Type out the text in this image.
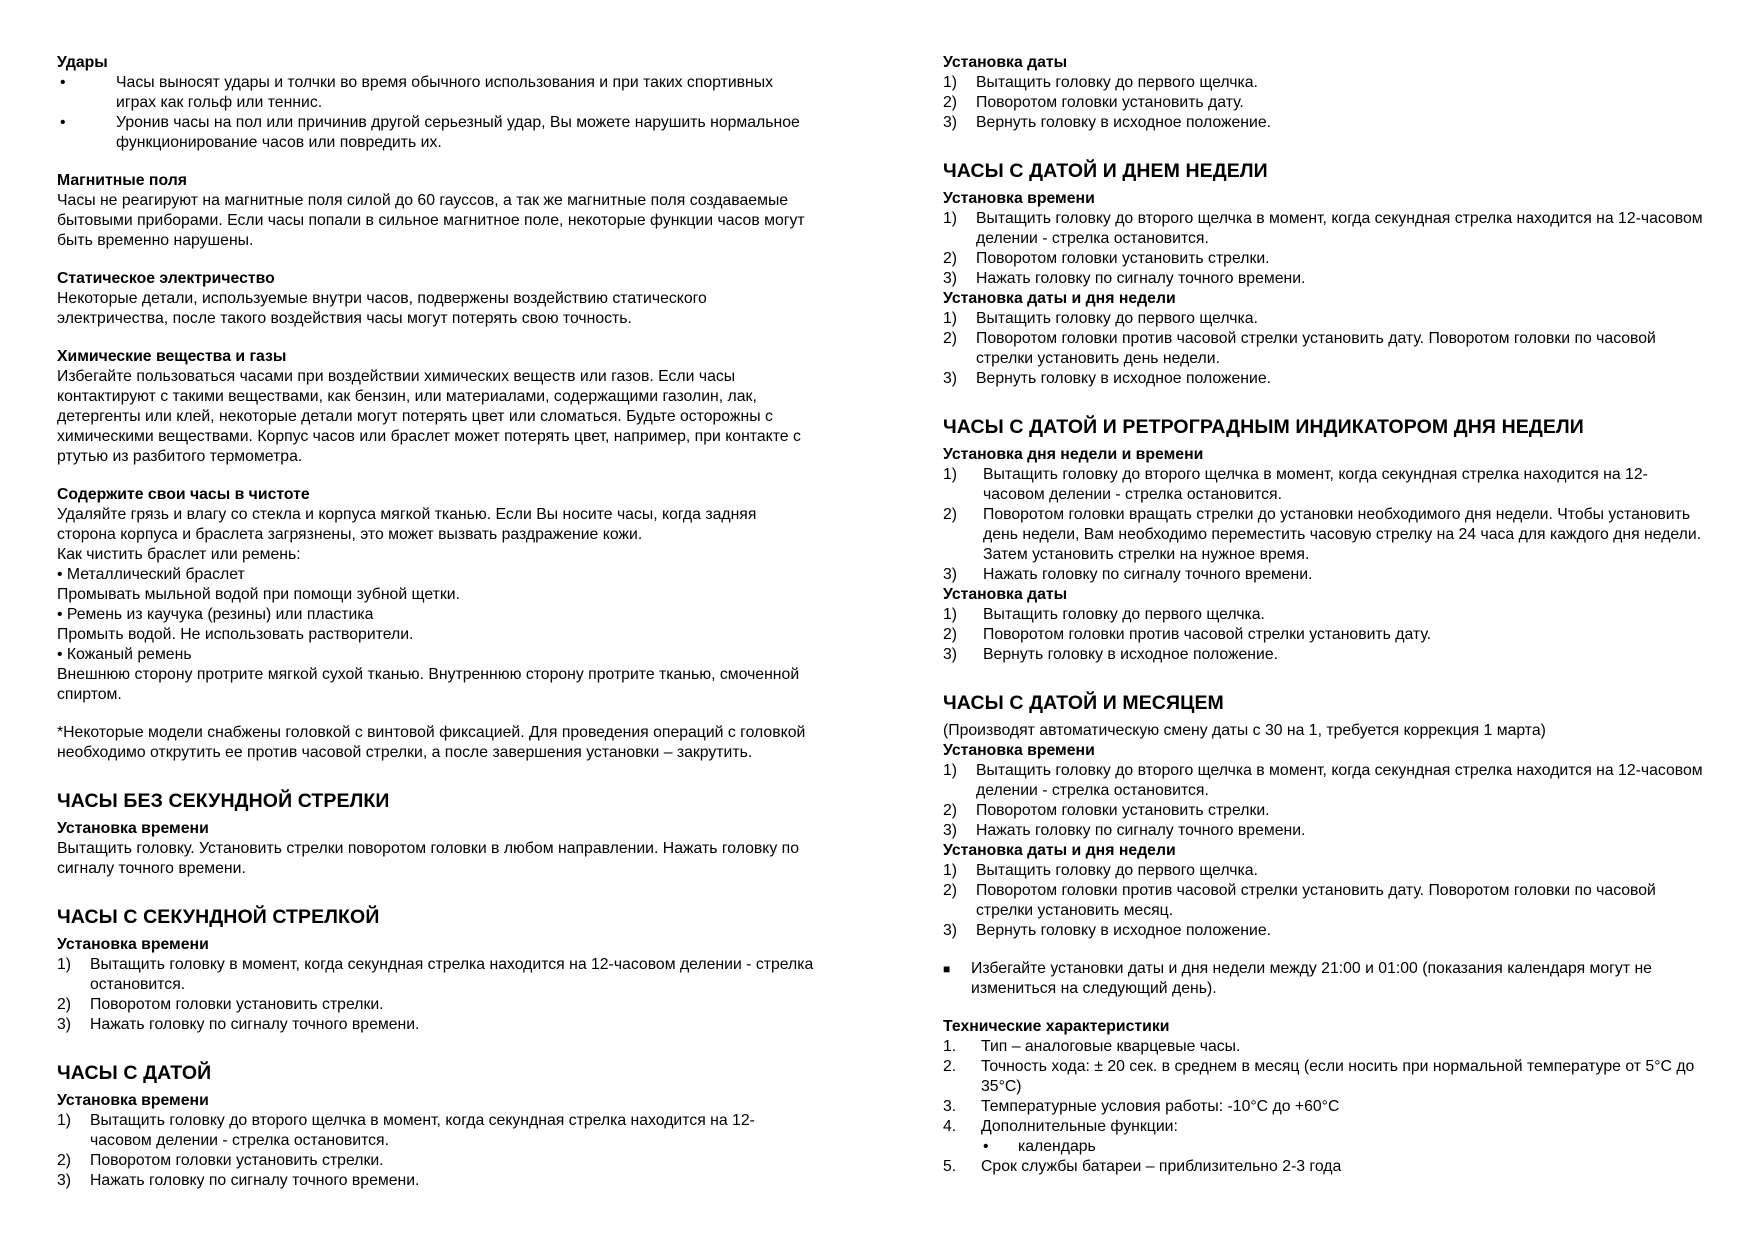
Удары
•	Часы выносят удары и толчки во время обычного использования и при таких спортивных играх как гольф или теннис.
•	Уронив часы на пол или причинив другой серьезный удар, Вы можете нарушить нормальное функционирование часов или повредить их.
Магнитные поля
Часы не реагируют на магнитные поля силой до 60 гауссов, а так же магнитные поля создаваемые бытовыми приборами. Если часы попали в сильное магнитное поле, некоторые функции часов могут быть временно нарушены.
Статическое электричество
Некоторые детали, используемые внутри часов, подвержены воздействию статического электричества, после такого воздействия часы могут потерять свою точность.
Химические вещества и газы
Избегайте пользоваться часами при воздействии химических веществ или газов. Если часы контактируют с такими веществами, как бензин, или материалами, содержащими газолин, лак, детергенты или клей, некоторые детали могут потерять цвет или сломаться. Будьте осторожны с химическими веществами. Корпус часов или браслет может потерять цвет, например, при контакте с ртутью из разбитого термометра.
Содержите свои часы в чистоте
Удаляйте грязь и влагу со стекла и корпуса мягкой тканью. Если Вы носите часы, когда задняя сторона корпуса и браслета загрязнены, это может вызвать раздражение кожи.
Как чистить браслет или ремень:
• Металлический браслет
Промывать мыльной водой при помощи зубной щетки.
• Ремень из каучука (резины) или пластика
Промыть водой. Не использовать растворители.
• Кожаный ремень
Внешнюю сторону протрите мягкой сухой тканью. Внутреннюю сторону протрите тканью, смоченной спиртом.
*Некоторые модели снабжены головкой с винтовой фиксацией. Для проведения операций с головкой необходимо открутить ее против часовой стрелки, а после завершения установки – закрутить.
ЧАСЫ БЕЗ СЕКУНДНОЙ СТРЕЛКИ
Установка времени
Вытащить головку. Установить стрелки поворотом головки в любом направлении. Нажать головку по сигналу точного времени.
ЧАСЫ С СЕКУНДНОЙ СТРЕЛКОЙ
Установка времени
1)	Вытащить головку в момент, когда секундная стрелка находится на 12-часовом делении - стрелка остановится.
2)	Поворотом головки установить стрелки.
3)	Нажать головку по сигналу точного времени.
ЧАСЫ С ДАТОЙ
Установка времени
1)	Вытащить головку до второго щелчка в момент, когда секундная стрелка находится на 12-часовом делении - стрелка остановится.
2)	Поворотом головки установить стрелки.
3)	Нажать головку по сигналу точного времени.
Установка даты
1)	Вытащить головку до первого щелчка.
2)	Поворотом головки установить дату.
3)	Вернуть головку в исходное положение.
ЧАСЫ С ДАТОЙ И ДНЕМ НЕДЕЛИ
Установка времени
1)	Вытащить головку до второго щелчка в момент, когда секундная стрелка находится на 12-часовом делении - стрелка остановится.
2)	Поворотом головки установить стрелки.
3)	Нажать головку по сигналу точного времени.
Установка даты и дня недели
1)	Вытащить головку до первого щелчка.
2)	Поворотом головки против часовой стрелки установить дату. Поворотом головки по часовой стрелки установить день недели.
3)	Вернуть головку в исходное положение.
ЧАСЫ С ДАТОЙ И РЕТРОГРАДНЫМ ИНДИКАТОРОМ ДНЯ НЕДЕЛИ
Установка дня недели и времени
1)	Вытащить головку до второго щелчка в момент, когда секундная стрелка находится на 12-часовом делении - стрелка остановится.
2)	Поворотом головки вращать стрелки до установки необходимого дня недели. Чтобы установить день недели, Вам необходимо переместить часовую стрелку на 24 часа для каждого дня недели. Затем установить стрелки на нужное время.
3)	Нажать головку по сигналу точного времени.
Установка даты
1)	Вытащить головку до первого щелчка.
2)	Поворотом головки против часовой стрелки установить дату.
3)	Вернуть головку в исходное положение.
ЧАСЫ С ДАТОЙ И МЕСЯЦЕМ
(Производят автоматическую смену даты с 30 на 1, требуется коррекция 1 марта)
Установка времени
1)	Вытащить головку до второго щелчка в момент, когда секундная стрелка находится на 12-часовом делении - стрелка остановится.
2)	Поворотом головки установить стрелки.
3)	Нажать головку по сигналу точного времени.
Установка даты и дня недели
1)	Вытащить головку до первого щелчка.
2)	Поворотом головки против часовой стрелки установить дату. Поворотом головки по часовой стрелки установить месяц.
3)	Вернуть головку в исходное положение.
■	Избегайте установки даты и дня недели между 21:00 и 01:00 (показания календаря могут не измениться на следующий день).
Технические характеристики
1.	Тип – аналоговые кварцевые часы.
2.	Точность хода: ± 20 сек. в среднем в месяц (если носить при нормальной температуре от 5°С до 35°С)
3.	Температурные условия работы: -10°С до +60°С
4.	Дополнительные функции:
•	календарь
5.	Срок службы батареи – приблизительно 2-3 года
